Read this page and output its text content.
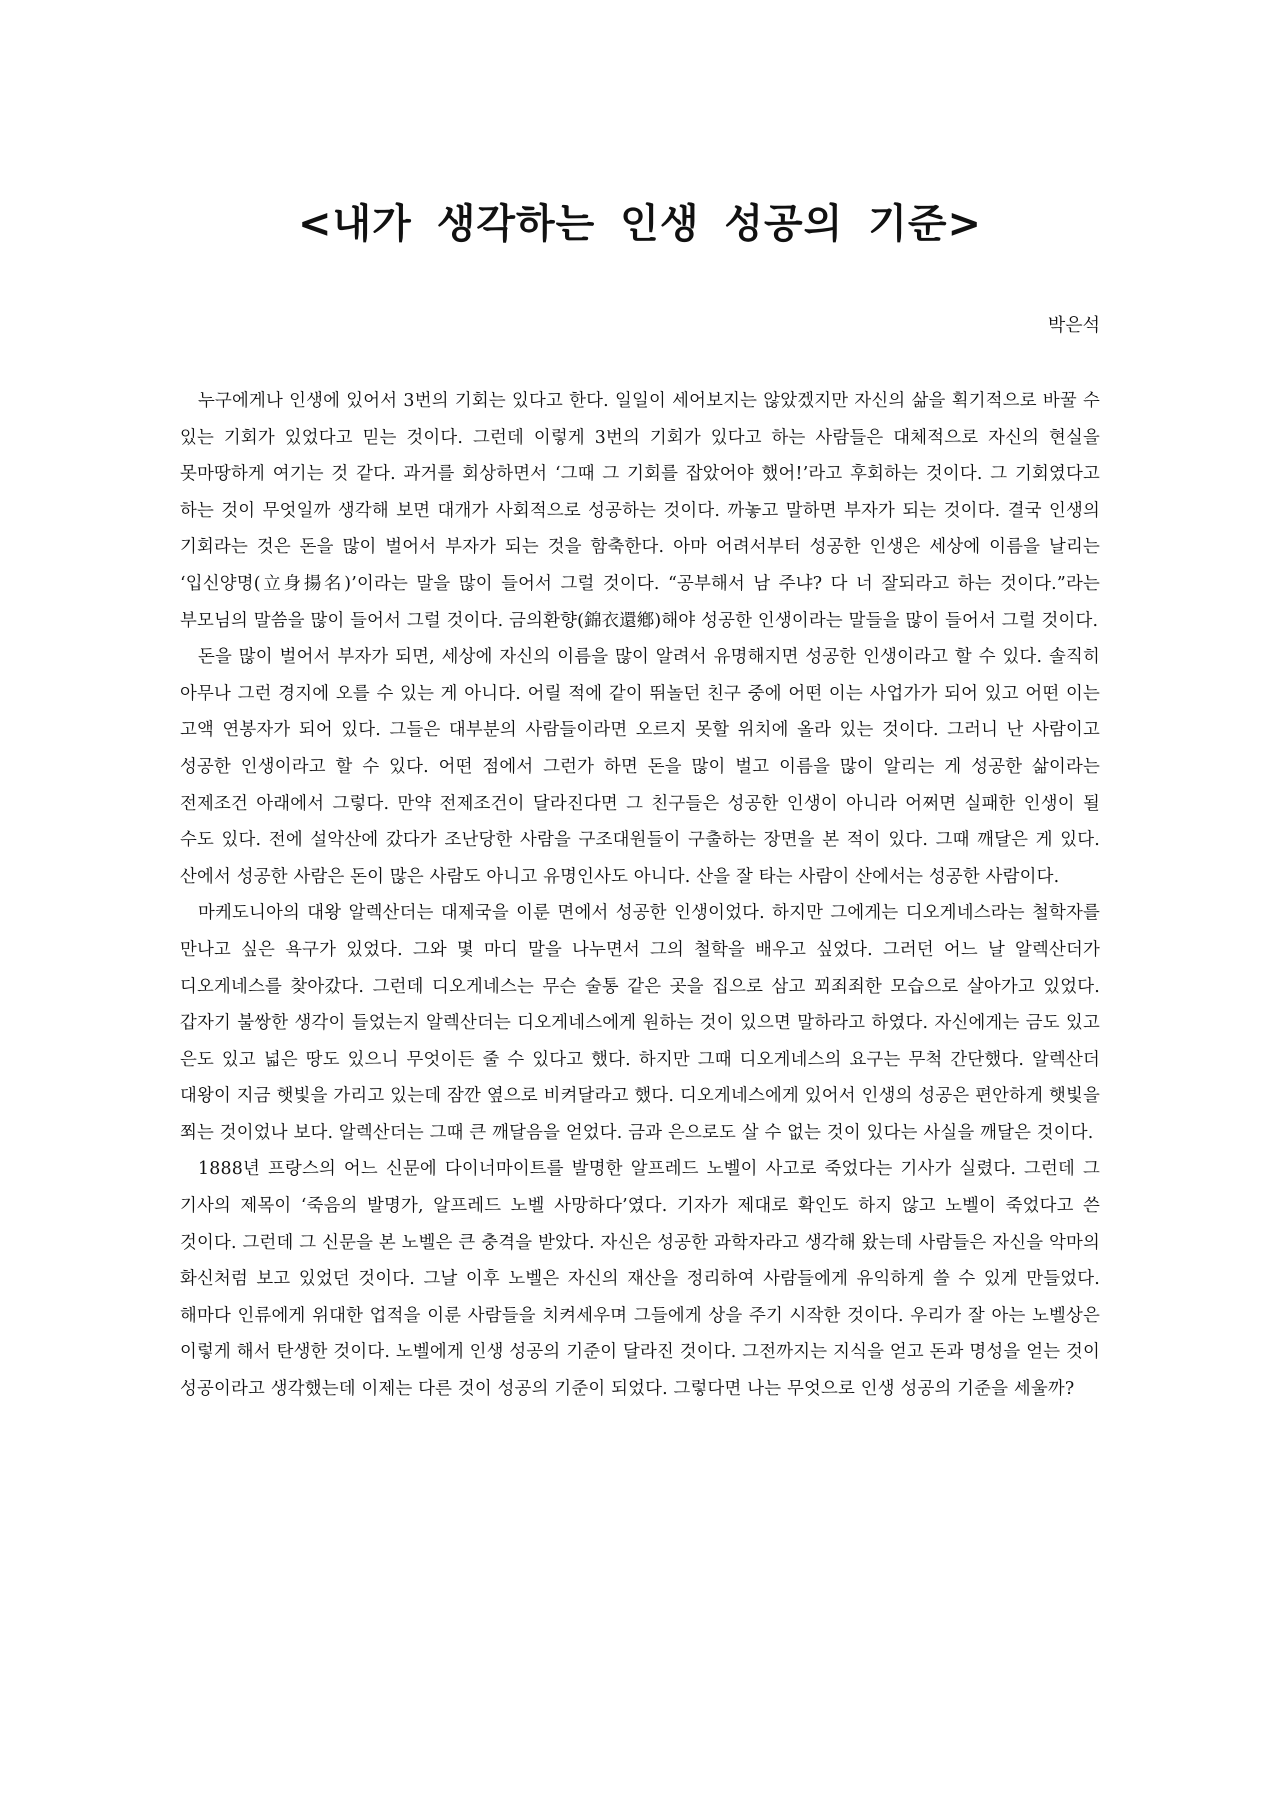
<내가 생각하는 인생 성공의 기준>

박은석

누구에게나 인생에 있어서 3번의 기회는 있다고 한다. 일일이 세어보지는 않았겠지만 자신의 삶을 획기적으로 바꿀 수 있는 기회가 있었다고 믿는 것이다. 그런데 이렇게 3번의 기회가 있다고 하는 사람들은 대체적으로 자신의 현실을 못마땅하게 여기는 것 같다. 과거를 회상하면서 ‘그때 그 기회를 잡았어야 했어!’라고 후회하는 것이다. 그 기회였다고 하는 것이 무엇일까 생각해 보면 대개가 사회적으로 성공하는 것이다. 까놓고 말하면 부자가 되는 것이다. 결국 인생의 기회라는 것은 돈을 많이 벌어서 부자가 되는 것을 함축한다. 아마 어려서부터 성공한 인생은 세상에 이름을 날리는 ‘입신양명(立身揚名)’이라는 말을 많이 들어서 그럴 것이다. “공부해서 남 주냐? 다 너 잘되라고 하는 것이다.”라는 부모님의 말씀을 많이 들어서 그럴 것이다. 금의환향(錦衣還鄕)해야 성공한 인생이라는 말들을 많이 들어서 그럴 것이다.

돈을 많이 벌어서 부자가 되면, 세상에 자신의 이름을 많이 알려서 유명해지면 성공한 인생이라고 할 수 있다. 솔직히 아무나 그런 경지에 오를 수 있는 게 아니다. 어릴 적에 같이 뛰놀던 친구 중에 어떤 이는 사업가가 되어 있고 어떤 이는 고액 연봉자가 되어 있다. 그들은 대부분의 사람들이라면 오르지 못할 위치에 올라 있는 것이다. 그러니 난 사람이고 성공한 인생이라고 할 수 있다. 어떤 점에서 그런가 하면 돈을 많이 벌고 이름을 많이 알리는 게 성공한 삶이라는 전제조건 아래에서 그렇다. 만약 전제조건이 달라진다면 그 친구들은 성공한 인생이 아니라 어쩌면 실패한 인생이 될 수도 있다. 전에 설악산에 갔다가 조난당한 사람을 구조대원들이 구출하는 장면을 본 적이 있다. 그때 깨달은 게 있다. 산에서 성공한 사람은 돈이 많은 사람도 아니고 유명인사도 아니다. 산을 잘 타는 사람이 산에서는 성공한 사람이다.

마케도니아의 대왕 알렉산더는 대제국을 이룬 면에서 성공한 인생이었다. 하지만 그에게는 디오게네스라는 철학자를 만나고 싶은 욕구가 있었다. 그와 몇 마디 말을 나누면서 그의 철학을 배우고 싶었다. 그러던 어느 날 알렉산더가 디오게네스를 찾아갔다. 그런데 디오게네스는 무슨 술통 같은 곳을 집으로 삼고 꾀죄죄한 모습으로 살아가고 있었다. 갑자기 불쌍한 생각이 들었는지 알렉산더는 디오게네스에게 원하는 것이 있으면 말하라고 하였다. 자신에게는 금도 있고 은도 있고 넓은 땅도 있으니 무엇이든 줄 수 있다고 했다. 하지만 그때 디오게네스의 요구는 무척 간단했다. 알렉산더 대왕이 지금 햇빛을 가리고 있는데 잠깐 옆으로 비켜달라고 했다. 디오게네스에게 있어서 인생의 성공은 편안하게 햇빛을 쬐는 것이었나 보다. 알렉산더는 그때 큰 깨달음을 얻었다. 금과 은으로도 살 수 없는 것이 있다는 사실을 깨달은 것이다.

1888년 프랑스의 어느 신문에 다이너마이트를 발명한 알프레드 노벨이 사고로 죽었다는 기사가 실렸다. 그런데 그 기사의 제목이 ‘죽음의 발명가, 알프레드 노벨 사망하다’였다. 기자가 제대로 확인도 하지 않고 노벨이 죽었다고 쓴 것이다. 그런데 그 신문을 본 노벨은 큰 충격을 받았다. 자신은 성공한 과학자라고 생각해 왔는데 사람들은 자신을 악마의 화신처럼 보고 있었던 것이다. 그날 이후 노벨은 자신의 재산을 정리하여 사람들에게 유익하게 쓸 수 있게 만들었다. 해마다 인류에게 위대한 업적을 이룬 사람들을 치켜세우며 그들에게 상을 주기 시작한 것이다. 우리가 잘 아는 노벨상은 이렇게 해서 탄생한 것이다. 노벨에게 인생 성공의 기준이 달라진 것이다. 그전까지는 지식을 얻고 돈과 명성을 얻는 것이 성공이라고 생각했는데 이제는 다른 것이 성공의 기준이 되었다. 그렇다면 나는 무엇으로 인생 성공의 기준을 세울까?
